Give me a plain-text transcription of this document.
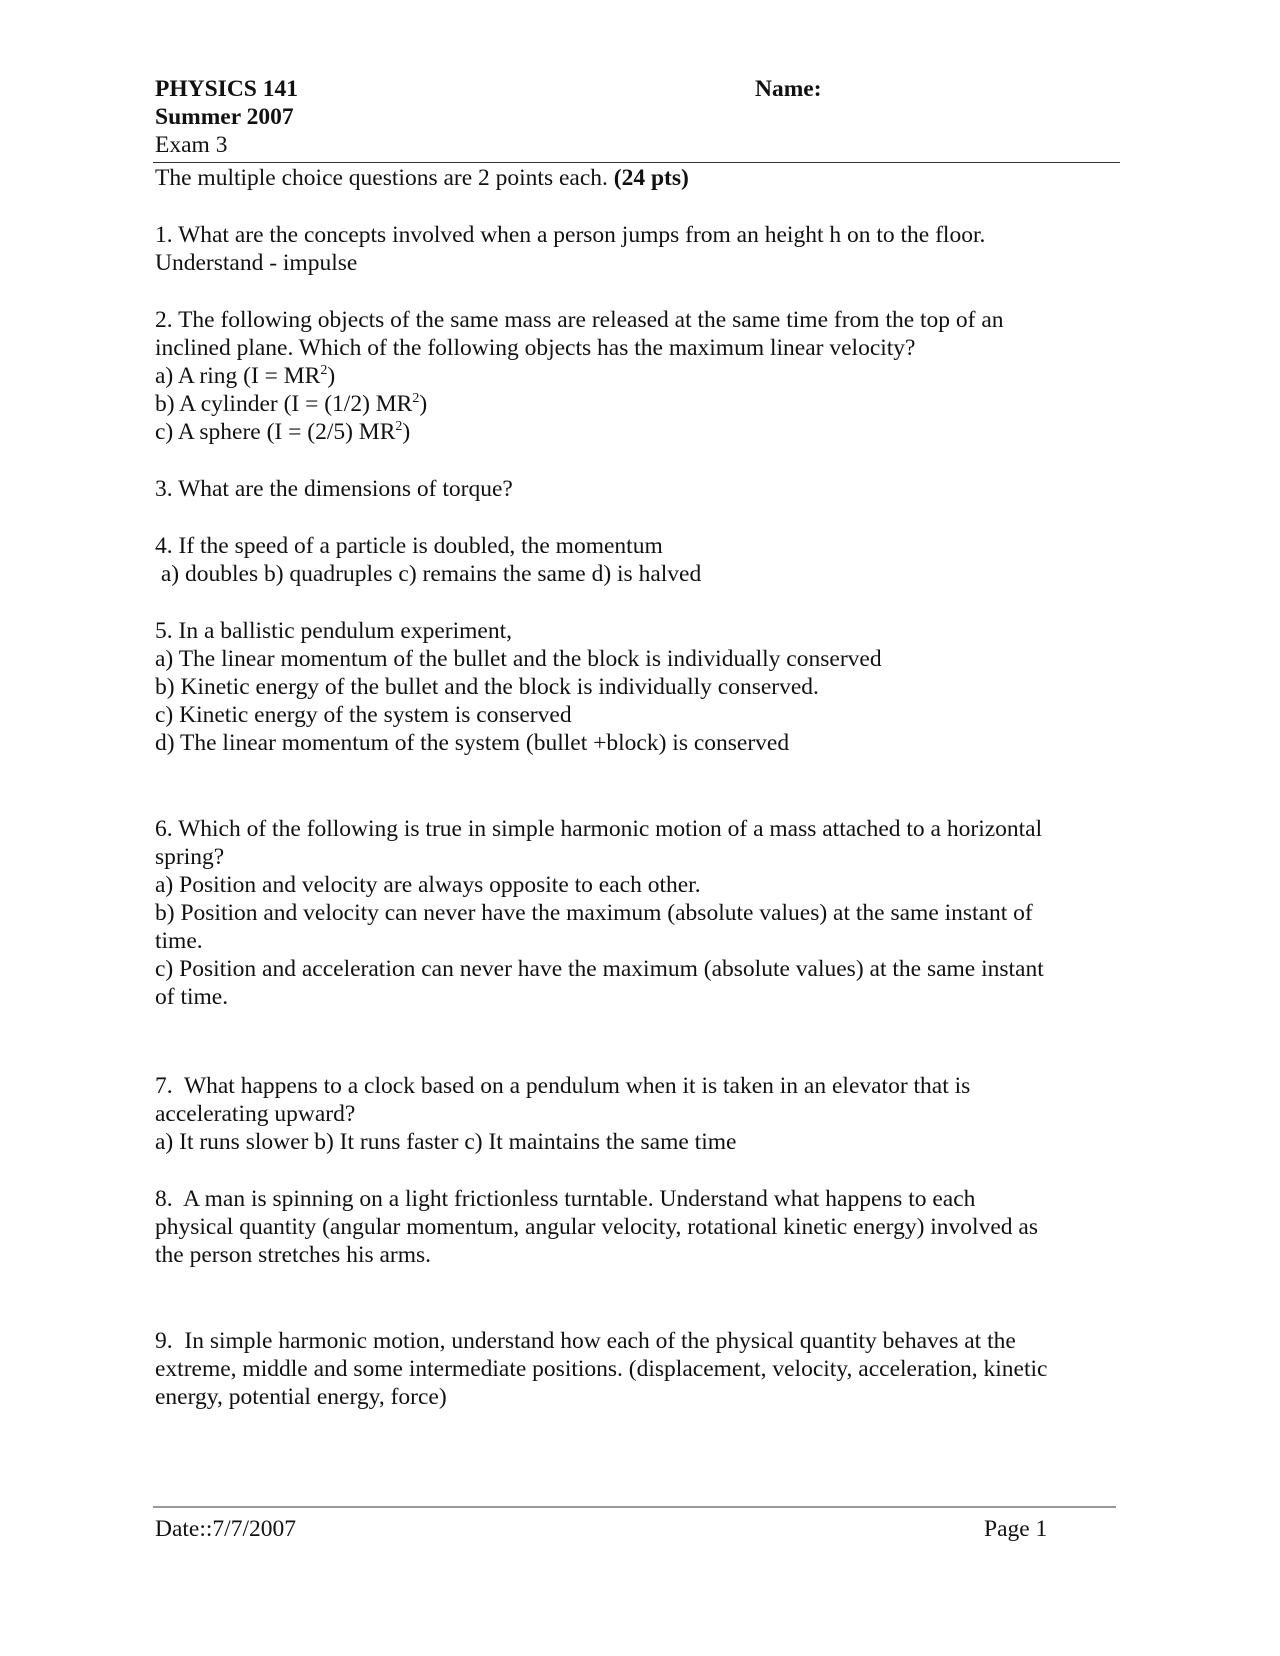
PHYSICS 141	Name:
Summer 2007
Exam 3
The multiple choice questions are 2 points each. (24 pts)
1. What are the concepts involved when a person jumps from an height h on to the floor.
Understand - impulse
2. The following objects of the same mass are released at the same time from the top of an
inclined plane. Which of the following objects has the maximum linear velocity?
a) A ring $(I = MR^2)$
b) A cylinder (I = (1/2) $MR^2$)
c) A sphere (I = (2/5) $MR^2$)
3. What are the dimensions of torque?
4. If the speed of a particle is doubled, the momentum
a) doubles b) quadruples c) remains the same d) is halved
5. In a ballistic pendulum experiment,
a) The linear momentum of the bullet and the block is individually conserved
b) Kinetic energy of the bullet and the block is individually conserved.
c) Kinetic energy of the system is conserved
d) The linear momentum of the system (bullet +block) is conserved
6. Which of the following is true in simple harmonic motion of a mass attached to a horizontal
spring?
a) Position and velocity are always opposite to each other.
b) Position and velocity can never have the maximum (absolute values) at the same instant of
time.
c) Position and acceleration can never have the maximum (absolute values) at the same instant
of time.
7.  What happens to a clock based on a pendulum when it is taken in an elevator that is
accelerating upward?
a) It runs slower b) It runs faster c) It maintains the same time
8.  A man is spinning on a light frictionless turntable. Understand what happens to each
physical quantity (angular momentum, angular velocity, rotational kinetic energy) involved as
the person stretches his arms.
9.  In simple harmonic motion, understand how each of the physical quantity behaves at the
extreme, middle and some intermediate positions. (displacement, velocity, acceleration, kinetic
energy, potential energy, force)
Date::7/7/2007	Page 1
